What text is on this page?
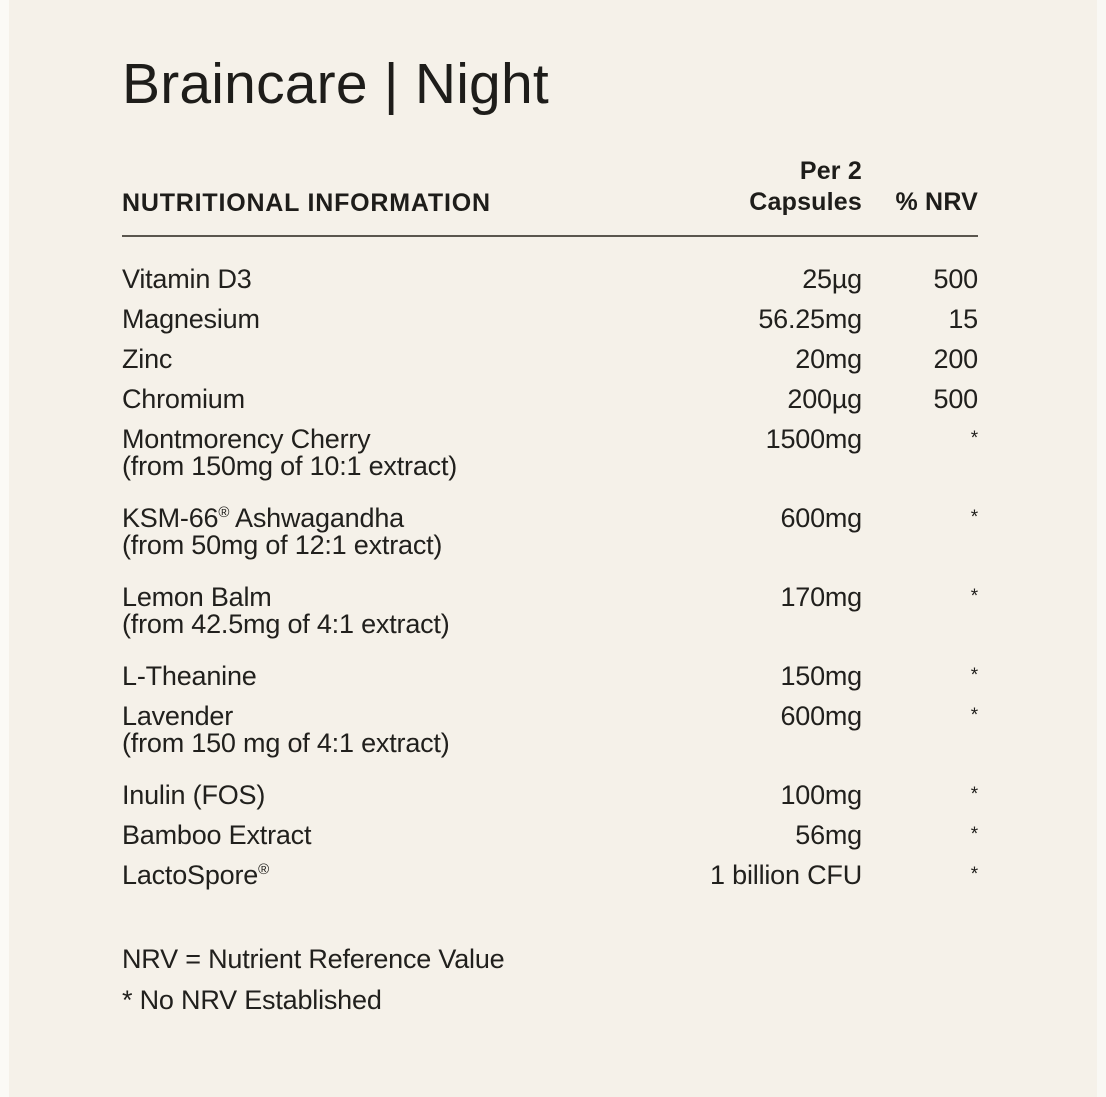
Braincare | Night
NUTRITIONAL INFORMATION
Per 2
Capsules	% NRV
Vitamin D3	25µg	500
Magnesium	56.25mg	15
Zinc	20mg	200
Chromium	200µg	500
Montmorency Cherry
(from 150mg of 10:1 extract)
1500mg	*
KSM-66® Ashwagandha
(from 50mg of 12:1 extract)
600mg	*
Lemon Balm
(from 42.5mg of 4:1 extract)
170mg	*
L-Theanine	150mg	*
Lavender
(from 150 mg of 4:1 extract)
600mg	*
Inulin (FOS)	100mg	*
Bamboo Extract	56mg	*
LactoSpore®	1 billion CFU	*

NRV = Nutrient Reference Value

* No NRV Established
